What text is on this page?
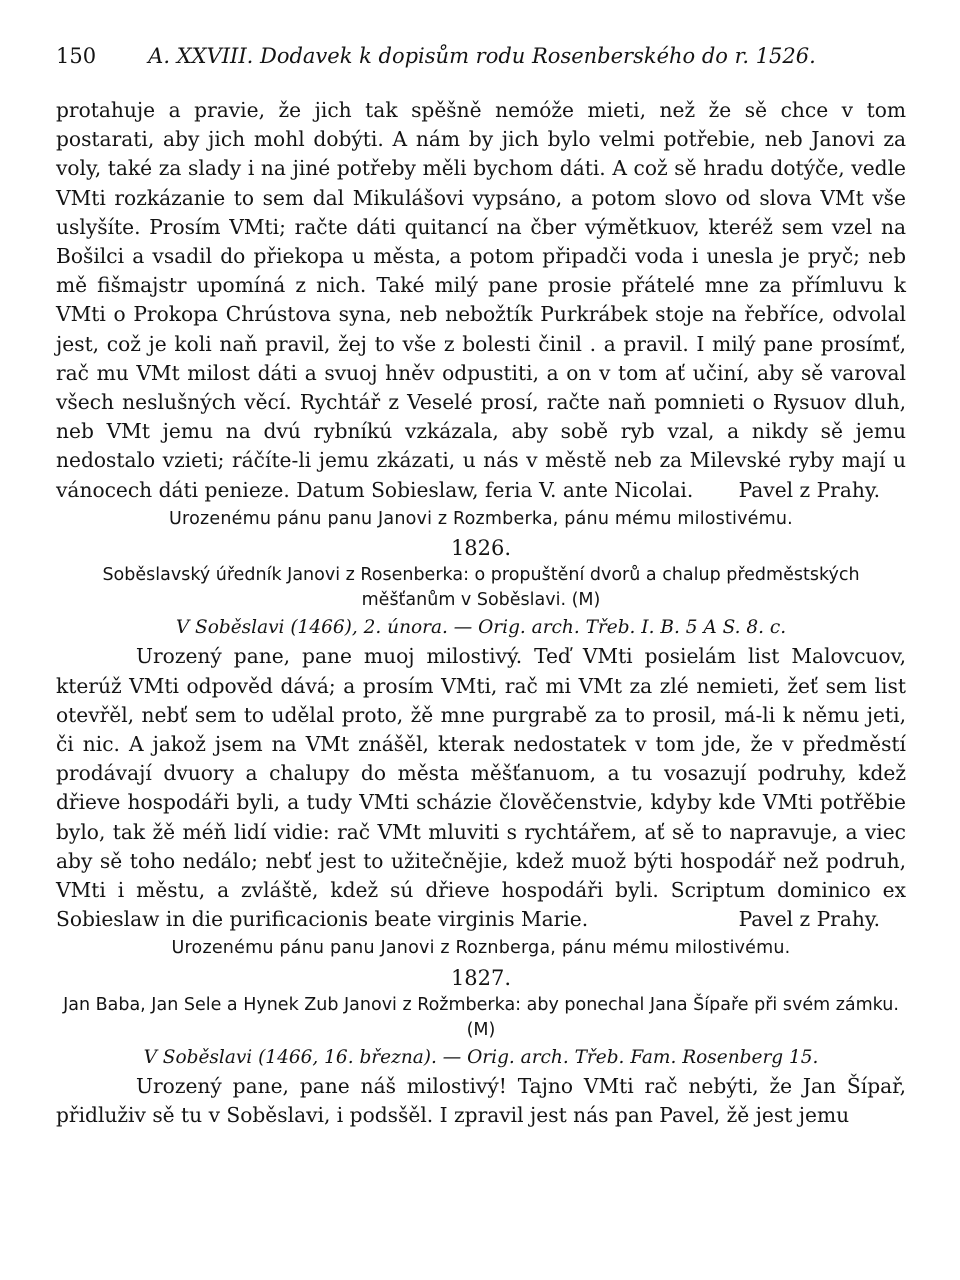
150	A. XXVIII. Dodavek k dopisům rodu Rosenberského do r. 1526.

protahuje a pravie, že jich tak spěšně nemóže mieti, než že sě chce v tom postarati, aby jich mohl dobýti. A nám by jich bylo velmi potřebie, neb Janovi za voly, také za slady i na jiné potřeby měli bychom dáti. A což sě hradu dotýče, vedle VMti rozkázanie to sem dal Mikulášovi vypsáno, a potom slovo od slova VMt vše uslyšíte. Prosím VMti; račte dáti quitancí na čber výmětkuov, kteréž sem vzel na Bošilci a vsadil do přiekopa u města, a potom připadči voda i unesla je pryč; neb mě fišmajstr upomíná z nich. Také milý pane prosie přátelé mne za přímluvu k VMti o Prokopa Chrústova syna, neb nebožtík Purkrábek stoje na řebříce, odvolal jest, což je koli naň pravil, žej to vše z bolesti činil . a pravil. I milý pane prosímť, rač mu VMt milost dáti a svuoj hněv odpustiti, a on v tom ať učiní, aby sě varoval všech neslušných věcí. Rychtář z Veselé prosí, račte naň pomnieti o Rysuov dluh, neb VMt jemu na dvú rybníkú vzkázala, aby sobě ryb vzal, a nikdy sě jemu nedostalo vzieti; ráčíte-li jemu zkázati, u nás v městě neb za Milevské ryby mají u vánocech dáti penieze. Datum Sobieslaw, feria V. ante Nicolai. Pavel z Prahy.

Urozenému pánu panu Janovi z Rozmberka, pánu mému milostivému.

1826.

Soběslavský úředník Janovi z Rosenberka: o propuštění dvorů a chalup předměstských měšťanům v Soběslavi. (M)

V Soběslavi (1466), 2. února. — Orig. arch. Třeb. I. B. 5 A S. 8. c.

Urozený pane, pane muoj milostivý. Teď VMti posielám list Malovcuov, kterúž VMti odpověd dává; a prosím VMti, rač mi VMt za zlé nemieti, žeť sem list otevřěl, nebť sem to udělal proto, žě mne purgrabě za to prosil, má-li k němu jeti, či nic. A jakož jsem na VMt znášěl, kterak nedostatek v tom jde, že v předměstí prodávají dvuory a chalupy do města měšťanuom, a tu vosazují podruhy, kdež dřieve hospodáři byli, a tudy VMti scházie člověčenstvie, kdyby kde VMti potřěbie bylo, tak žě méň lidí vidie: rač VMt mluviti s rychtářem, ať sě to napravuje, a viec aby sě toho nedálo; nebť jest to užitečnějie, kdež muož býti hospodář než podruh, VMti i městu, a zvláště, kdež sú dřieve hospodáři byli. Scriptum dominico ex Sobieslaw in die purificacionis beate virginis Marie.	Pavel z Prahy.

Urozenému pánu panu Janovi z Roznberga, pánu mému milostivému.

1827.

Jan Baba, Jan Sele a Hynek Zub Janovi z Rožmberka: aby ponechal Jana Šípaře při svém zámku. (M)

V Soběslavi (1466, 16. března). — Orig. arch. Třeb. Fam. Rosenberg 15.

Urozený pane, pane náš milostivý! Tajno VMti rač nebýti, že Jan Šípař, přidluživ sě tu v Soběslavi, i podsšěl. I zpravil jest nás pan Pavel, žě jest jemu
